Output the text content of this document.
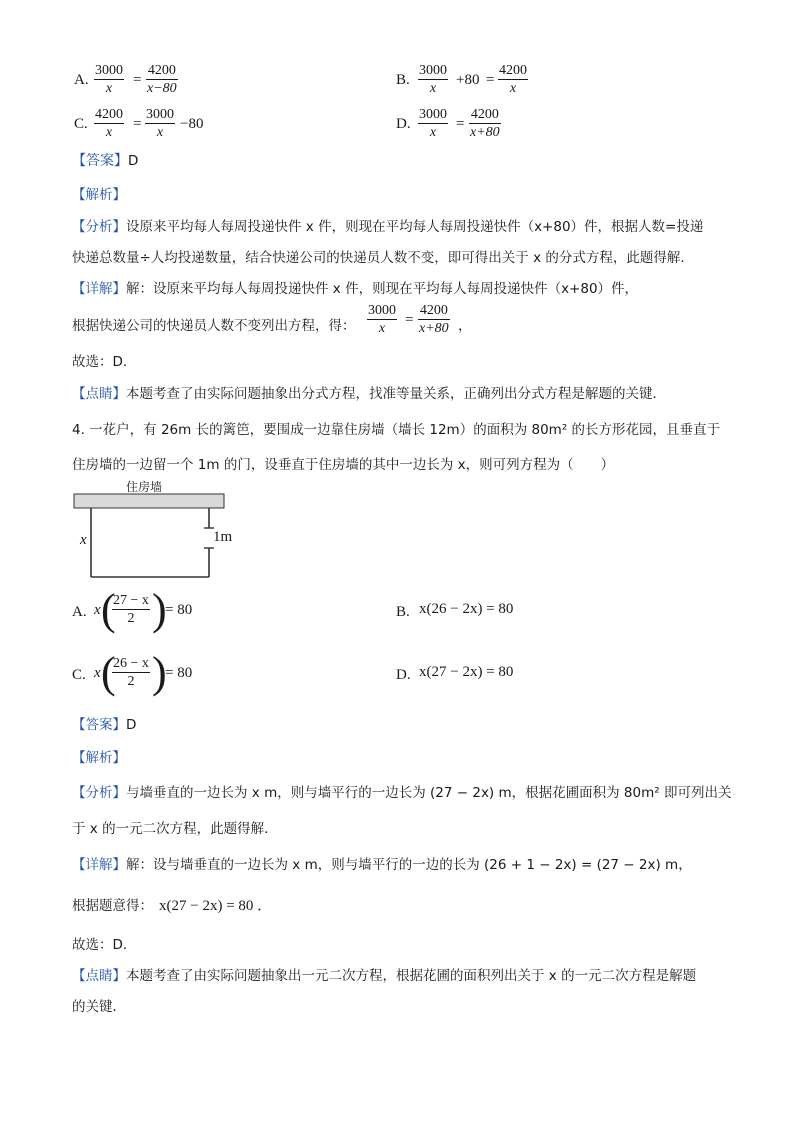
A. $\frac{3000}{x} = \frac{4200}{x-80}$	B. $\frac{3000}{x} +80 = \frac{4200}{x}$
C. $\frac{4200}{x} = \frac{3000}{x} -80$	D. $\frac{3000}{x} = \frac{4200}{x+80}$
【答案】D
【解析】
【分析】设原来平均每人每周投递快件 x 件，则现在平均每人每周投递快件（x+80）件，根据人数=投递
快递总数量÷人均投递数量，结合快递公司的快递员人数不变，即可得出关于 x 的分式方程，此题得解．
【详解】解：设原来平均每人每周投递快件 x 件，则现在平均每人每周投递快件（x+80）件，
根据快递公司的快递员人数不变列出方程，得： $\frac{3000}{x} = \frac{4200}{x+80}$ ，
故选：D．
【点睛】本题考查了由实际问题抽象出分式方程，找准等量关系，正确列出分式方程是解题的关键．
4. 一花户，有 26m 长的篱笆，要围成一边靠住房墙（墙长 12m）的面积为 80m² 的长方形花园，且垂直于
住房墙的一边留一个 1m 的门，设垂直于住房墙的其中一边长为 x，则可列方程为（　　）
住房墙
x	1m
A. x (
$\frac{27 - x}{2}$ )
= 80	B. x(26 − 2x) = 80
C. x (
$\frac{26 - x}{2}$ )
= 80	D. x(27 − 2x) = 80
【答案】D
【解析】
【分析】与墙垂直的一边长为 x m，则与墙平行的一边长为 (27 − 2x) m，根据花圃面积为 80m² 即可列出关
于 x 的一元二次方程，此题得解．
【详解】解：设与墙垂直的一边长为 x m，则与墙平行的一边的长为 (26 + 1 − 2x) = (27 − 2x) m，
根据题意得： x(27 − 2x) = 80 ．
故选：D．
【点睛】本题考查了由实际问题抽象出一元二次方程，根据花圃的面积列出关于 x 的一元二次方程是解题
的关键．
